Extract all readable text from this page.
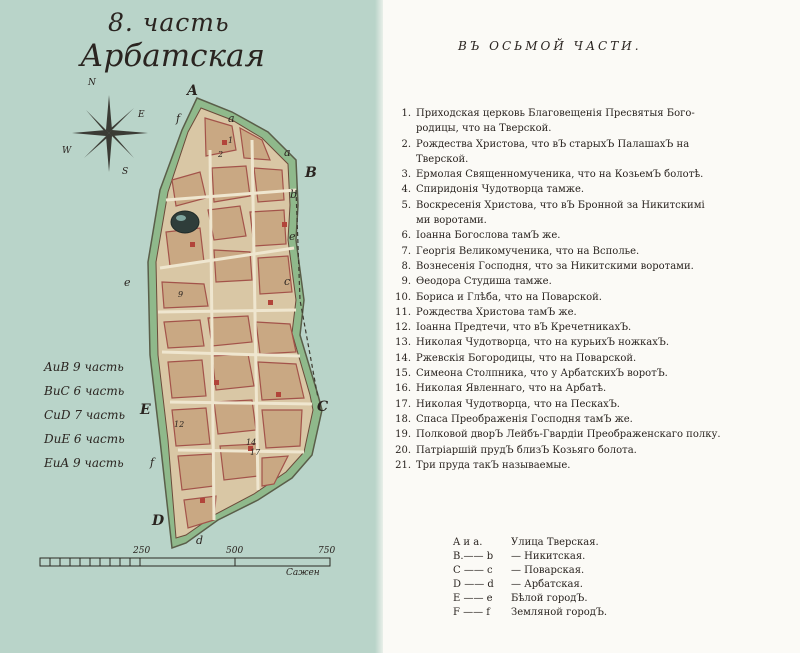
8. часть
Арбатская
N
S
E
W
A
B
C
D
E
a
a
f
f
b
c
e
e
d
1
2
9
12
14
17
AиB 9 часть
BиC 6 часть
CиD 7 часть
DиE 6 часть
EиA 9 часть
250	500	750
Сажен
ВЪ ОСЬМОЙ ЧАСТИ.
1. Приходская церковь Благовещенія Пресвятыя Бого-
родицы, что на Тверской.
2. Рождества Христова, что вЪ старыхЪ ПалашахЪ на
Тверской.
3. Ермолая Священномученика, что на КозьемЪ болотѣ.
4. Спиридонія Чудотворца тамже.
5. Воскресенія Христова, что вЪ Бронной за Никитскимі
ми воротами.
6. Іоанна Богослова тамЪ же.
7. Георгія Великомученика, что на Всполье.
8. Вознесенія Господня, что за Никитскими воротами.
9. Ѳеодора Студиша тамже.
10. Бориса и Глѣба, что на Поварской.
11. Рождества Христова тамЪ же.
12. Іоанна Предтечи, что вЪ КречетникахЪ.
13. Николая Чудотворца, что на курьихЪ ножкахЪ.
14. Ржевскія Богородицы, что на Поварской.
15. Симеона Столпника, что у АрбатскихЪ воротЪ.
16. Николая Явленнаго, что на Арбатѣ.
17. Николая Чудотворца, что на ПескахЪ.
18. Спаса Преображенія Господня тамЪ же.
19. Полковой дворЪ Лейбъ-Гвардіи Преображенскаго полку.
20. Патріаршій прудЪ близЪ Козьяго болота.
21. Три пруда такЪ называемые.
A и a.	Улица Тверская.
B.—— b — Никитская.
C —— c — Поварская.
D —— d — Арбатская.
E —— e Бѣлой городЪ.
F —— f Земляной городЪ.
